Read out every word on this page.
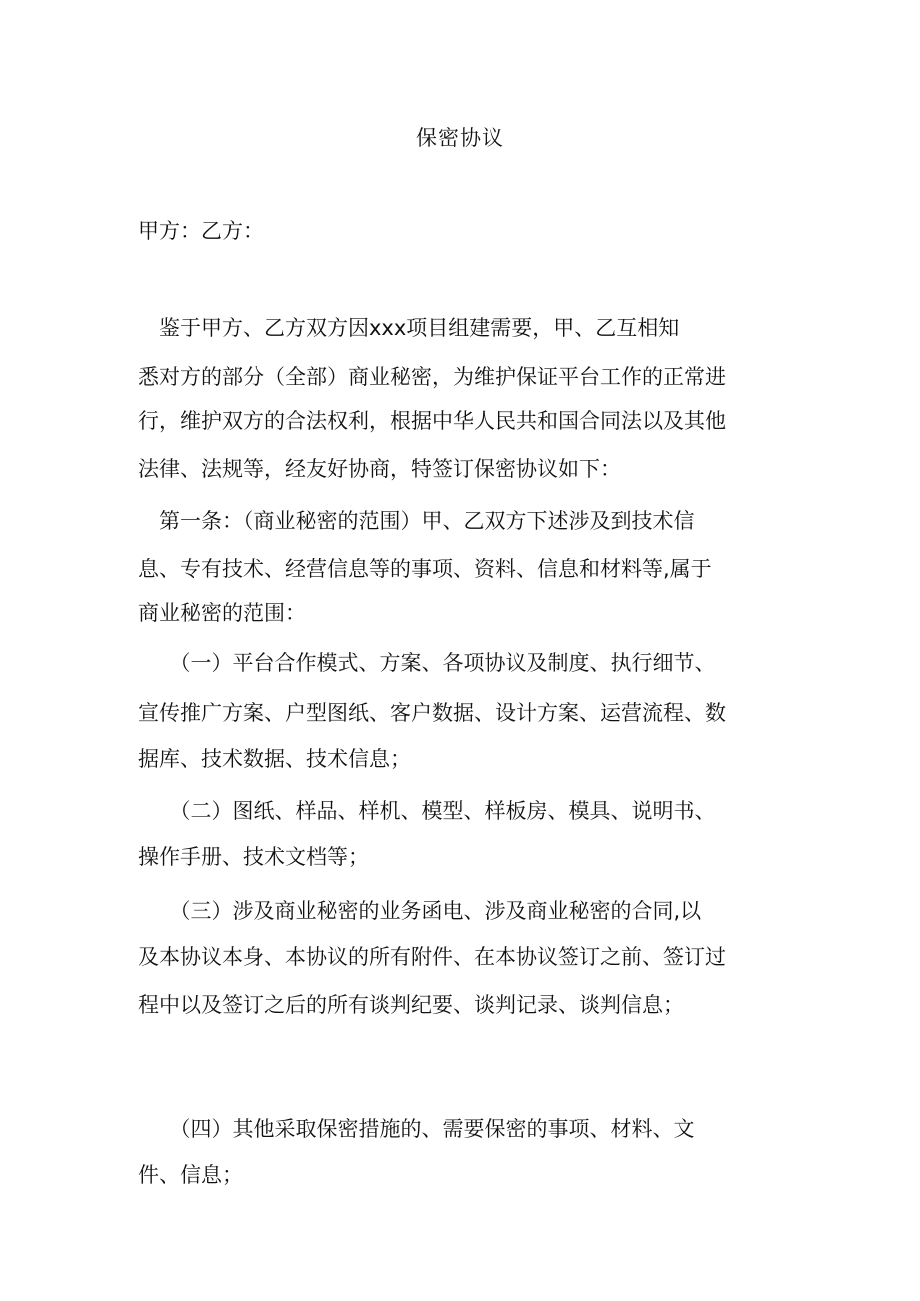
保密协议
甲方：乙方：
　鉴于甲方、乙方双方因xxx项目组建需要，甲、乙互相知
悉对方的部分（全部）商业秘密，为维护保证平台工作的正常进
行，维护双方的合法权利，根据中华人民共和国合同法以及其他
法律、法规等，经友好协商，特签订保密协议如下：
　第一条：（商业秘密的范围）甲、乙双方下述涉及到技术信
息、专有技术、经营信息等的事项、资料、信息和材料等,属于
商业秘密的范围：
　　（一）平台合作模式、方案、各项协议及制度、执行细节、
宣传推广方案、户型图纸、客户数据、设计方案、运营流程、数
据库、技术数据、技术信息；
　　（二）图纸、样品、样机、模型、样板房、模具、说明书、
操作手册、技术文档等；
　　（三）涉及商业秘密的业务函电、涉及商业秘密的合同,以
及本协议本身、本协议的所有附件、在本协议签订之前、签订过
程中以及签订之后的所有谈判纪要、谈判记录、谈判信息；
　　（四）其他采取保密措施的、需要保密的事项、材料、文
件、信息；
